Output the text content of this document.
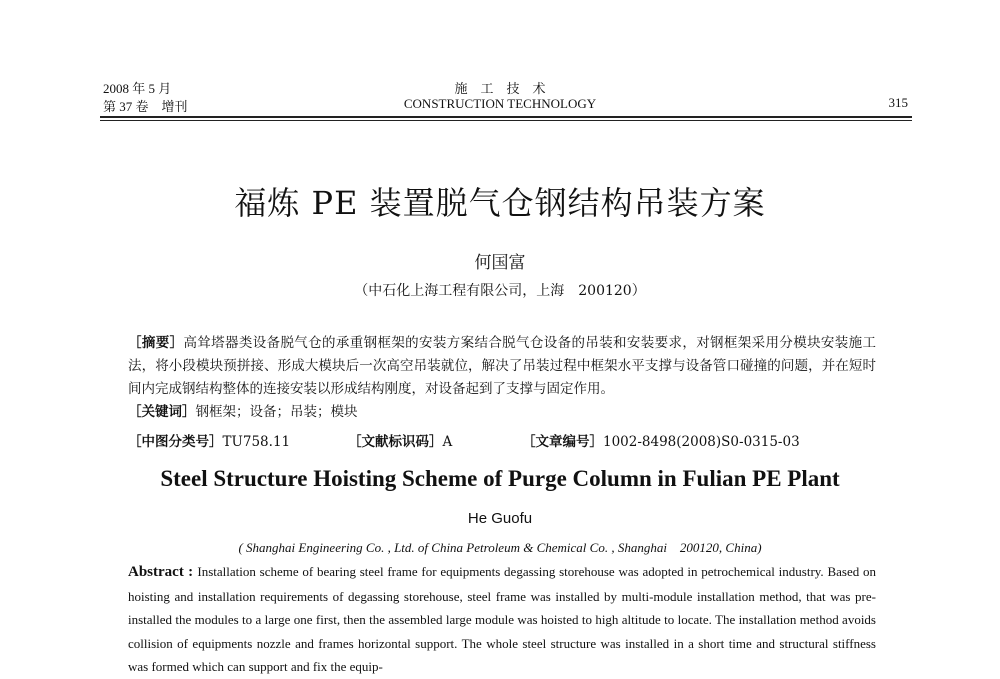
2008 年 5 月
第 37 卷　增刊
施　工　技　术
CONSTRUCTION TECHNOLOGY	315
福炼 PE 装置脱气仓钢结构吊装方案
何国富
（中石化上海工程有限公司，上海　200120）
［摘要］高耸塔器类设备脱气仓的承重钢框架的安装方案结合脱气仓设备的吊装和安装要求，对钢框架采用分模块安装施工法，将小段模块预拼接、形成大模块后一次高空吊装就位，解决了吊装过程中框架水平支撑与设备管口碰撞的问题，并在短时间内完成钢结构整体的连接安装以形成结构刚度，对设备起到了支撑与固定作用。
［关键词］钢框架；设备；吊装；模块
［中图分类号］TU758.11	［文献标识码］A	［文章编号］1002-8498(2008)S0-0315-03
Steel Structure Hoisting Scheme of Purge Column in Fulian PE Plant
He Guofu
( Shanghai Engineering Co. , Ltd. of China Petroleum & Chemical Co. , Shanghai　200120, China)
Abstract : Installation scheme of bearing steel frame for equipments degassing storehouse was adopted in petrochemical industry. Based on hoisting and installation requirements of degassing storehouse, steel frame was installed by multi-module installation method, that was pre-installed the modules to a large one first, then the assembled large module was hoisted to high altitude to locate. The installation method avoids collision of equipments nozzle and frames horizontal support. The whole steel structure was installed in a short time and structural stiffness was formed which can support and fix the equip-
